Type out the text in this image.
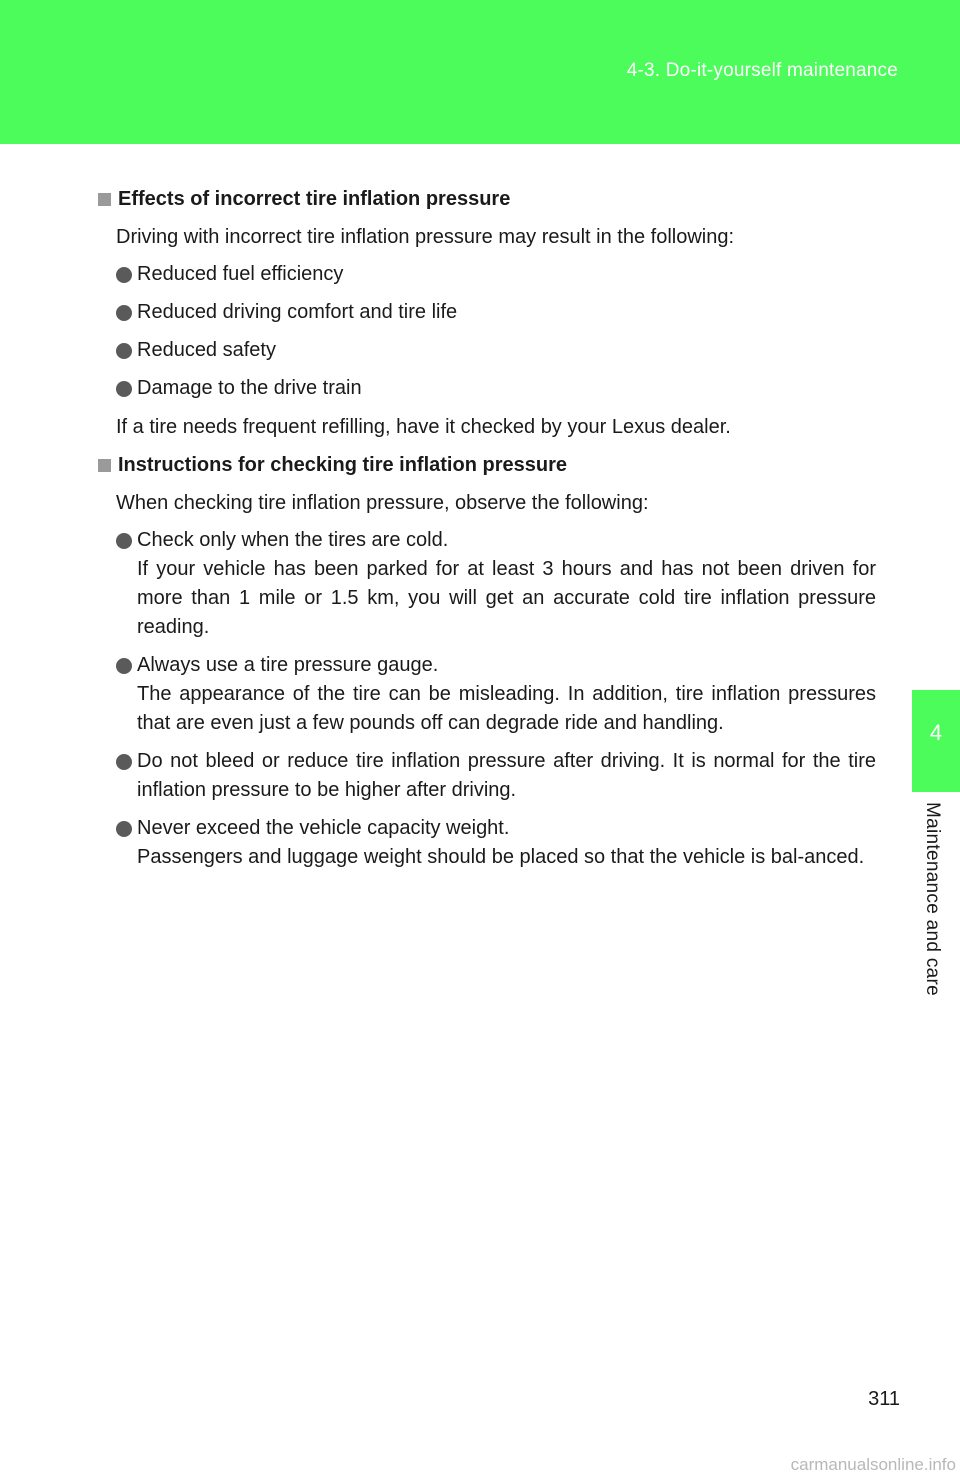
4-3. Do-it-yourself maintenance
4
Maintenance and care
Effects of incorrect tire inflation pressure
Driving with incorrect tire inflation pressure may result in the following:
Reduced fuel efficiency
Reduced driving comfort and tire life
Reduced safety
Damage to the drive train
If a tire needs frequent refilling, have it checked by your Lexus dealer.
Instructions for checking tire inflation pressure
When checking tire inflation pressure, observe the following:
Check only when the tires are cold.
If your vehicle has been parked for at least 3 hours and has not been driven for more than 1 mile or 1.5 km, you will get an accurate cold tire inflation pressure reading.
Always use a tire pressure gauge.
The appearance of the tire can be misleading. In addition, tire inflation pressures that are even just a few pounds off can degrade ride and handling.
Do not bleed or reduce tire inflation pressure after driving. It is normal for the tire inflation pressure to be higher after driving.
Never exceed the vehicle capacity weight.
Passengers and luggage weight should be placed so that the vehicle is bal-anced.
311
carmanualsonline.info
